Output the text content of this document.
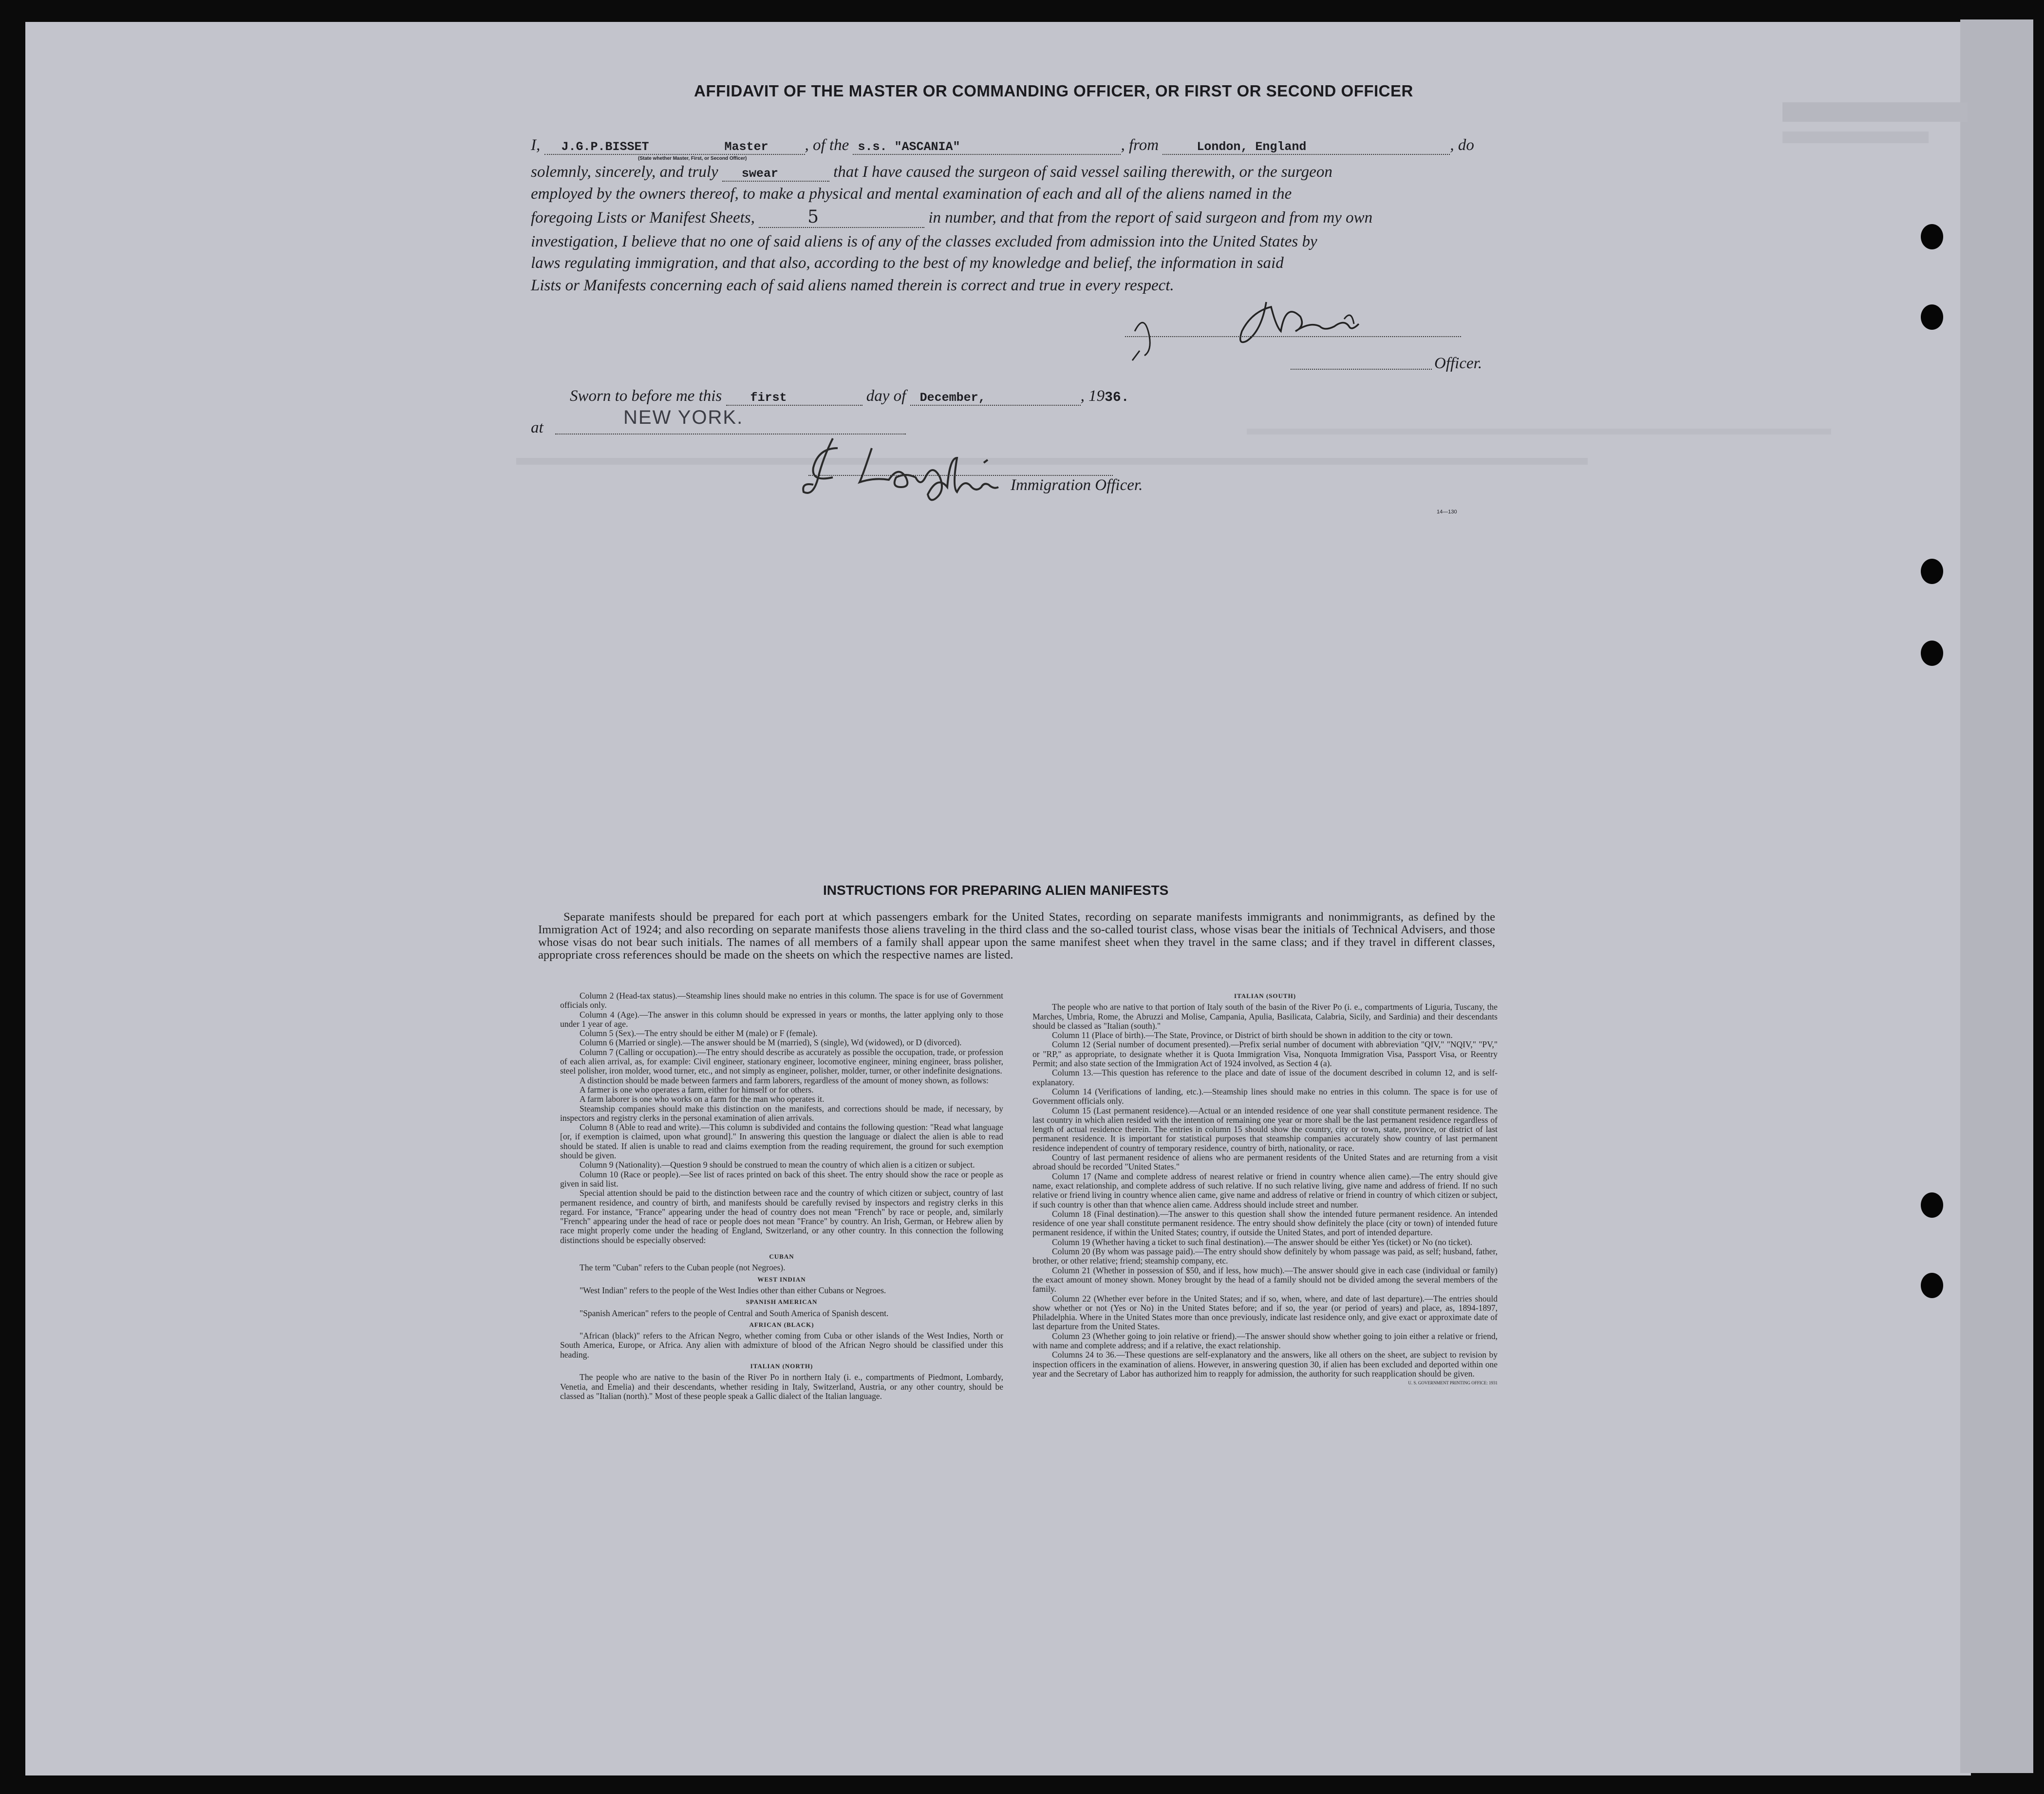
AFFIDAVIT OF THE MASTER OR COMMANDING OFFICER, OR FIRST OR SECOND OFFICER
I, J.G.P.BISSET	Master , of the s.s. "ASCANIA"	, from	London, England	, do
(State whether Master, First, or Second Officer)
solemnly, sincerely, and truly swear	that I have caused the surgeon of said vessel sailing therewith, or the surgeon
employed by the owners thereof, to make a physical and mental examination of each and all of the aliens named in the
foregoing Lists or Manifest Sheets,	5	in number, and that from the report of said surgeon and from my own
investigation, I believe that no one of said aliens is of any of the classes excluded from admission into the United States by
laws regulating immigration, and that also, according to the best of my knowledge and belief, the information in said
Lists or Manifests concerning each of said aliens named therein is correct and true in every respect.
Officer.
Sworn to before me this first	day of December,	, 1936.
at	NEW YORK.
Immigration Officer.
14—130
INSTRUCTIONS FOR PREPARING ALIEN MANIFESTS
Separate manifests should be prepared for each port at which passengers embark for the United States, recording on separate manifests immigrants and nonimmigrants, as defined by the Immigration Act of 1924; and also recording on separate manifests those aliens traveling in the third class and the so-called tourist class, whose visas bear the initials of Technical Advisers, and those whose visas do not bear such initials. The names of all members of a family shall appear upon the same manifest sheet when they travel in the same class; and if they travel in different classes, appropriate cross references should be made on the sheets on which the respective names are listed.

Column 2 (Head-tax status).—Steamship lines should make no entries in this column. The space is for use of Government officials only.

Column 4 (Age).—The answer in this column should be expressed in years or months, the latter applying only to those under 1 year of age.

Column 5 (Sex).—The entry should be either M (male) or F (female).

Column 6 (Married or single).—The answer should be M (married), S (single), Wd (widowed), or D (divorced).

Column 7 (Calling or occupation).—The entry should describe as accurately as possible the occupation, trade, or profession of each alien arrival, as, for example: Civil engineer, stationary engineer, locomotive engineer, mining engineer, brass polisher, steel polisher, iron molder, wood turner, etc., and not simply as engineer, polisher, molder, turner, or other indefinite designations.

A distinction should be made between farmers and farm laborers, regardless of the amount of money shown, as follows:

A farmer is one who operates a farm, either for himself or for others.

A farm laborer is one who works on a farm for the man who operates it.

Steamship companies should make this distinction on the manifests, and corrections should be made, if necessary, by inspectors and registry clerks in the personal examination of alien arrivals.

Column 8 (Able to read and write).—This column is subdivided and contains the following question: "Read what language [or, if exemption is claimed, upon what ground]." In answering this question the language or dialect the alien is able to read should be stated. If alien is unable to read and claims exemption from the reading requirement, the ground for such exemption should be given.

Column 9 (Nationality).—Question 9 should be construed to mean the country of which alien is a citizen or subject.

Column 10 (Race or people).—See list of races printed on back of this sheet. The entry should show the race or people as given in said list.

Special attention should be paid to the distinction between race and the country of which citizen or subject, country of last permanent residence, and country of birth, and manifests should be carefully revised by inspectors and registry clerks in this regard. For instance, "France" appearing under the head of country does not mean "French" by race or people, and, similarly "French" appearing under the head of race or people does not mean "France" by country. An Irish, German, or Hebrew alien by race might properly come under the heading of England, Switzerland, or any other country. In this connection the following distinctions should be especially observed:

CUBAN

The term "Cuban" refers to the Cuban people (not Negroes).

WEST INDIAN

"West Indian" refers to the people of the West Indies other than either Cubans or Negroes.

SPANISH AMERICAN

"Spanish American" refers to the people of Central and South America of Spanish descent.

AFRICAN (BLACK)

"African (black)" refers to the African Negro, whether coming from Cuba or other islands of the West Indies, North or South America, Europe, or Africa. Any alien with admixture of blood of the African Negro should be classified under this heading.

ITALIAN (NORTH)

The people who are native to the basin of the River Po in northern Italy (i. e., compartments of Piedmont, Lombardy, Venetia, and Emelia) and their descendants, whether residing in Italy, Switzerland, Austria, or any other country, should be classed as "Italian (north)." Most of these people speak a Gallic dialect of the Italian language.

ITALIAN (SOUTH)

The people who are native to that portion of Italy south of the basin of the River Po (i. e., compartments of Liguria, Tuscany, the Marches, Umbria, Rome, the Abruzzi and Molise, Campania, Apulia, Basilicata, Calabria, Sicily, and Sardinia) and their descendants should be classed as "Italian (south)."

Column 11 (Place of birth).—The State, Province, or District of birth should be shown in addition to the city or town.

Column 12 (Serial number of document presented).—Prefix serial number of document with abbreviation "QIV," "NQIV," "PV," or "RP," as appropriate, to designate whether it is Quota Immigration Visa, Nonquota Immigration Visa, Passport Visa, or Reentry Permit; and also state section of the Immigration Act of 1924 involved, as Section 4 (a).

Column 13.—This question has reference to the place and date of issue of the document described in column 12, and is self-explanatory.

Column 14 (Verifications of landing, etc.).—Steamship lines should make no entries in this column. The space is for use of Government officials only.

Column 15 (Last permanent residence).—Actual or an intended residence of one year shall constitute permanent residence. The last country in which alien resided with the intention of remaining one year or more shall be the last permanent residence regardless of length of actual residence therein. The entries in column 15 should show the country, city or town, state, province, or district of last permanent residence. It is important for statistical purposes that steamship companies accurately show country of last permanent residence independent of country of temporary residence, country of birth, nationality, or race.

Country of last permanent residence of aliens who are permanent residents of the United States and are returning from a visit abroad should be recorded "United States."

Column 17 (Name and complete address of nearest relative or friend in country whence alien came).—The entry should give name, exact relationship, and complete address of such relative. If no such relative living, give name and address of friend. If no such relative or friend living in country whence alien came, give name and address of relative or friend in country of which citizen or subject, if such country is other than that whence alien came. Address should include street and number.

Column 18 (Final destination).—The answer to this question shall show the intended future permanent residence. An intended residence of one year shall constitute permanent residence. The entry should show definitely the place (city or town) of intended future permanent residence, if within the United States; country, if outside the United States, and port of intended departure.

Column 19 (Whether having a ticket to such final destination).—The answer should be either Yes (ticket) or No (no ticket).

Column 20 (By whom was passage paid).—The entry should show definitely by whom passage was paid, as self; husband, father, brother, or other relative; friend; steamship company, etc.

Column 21 (Whether in possession of $50, and if less, how much).—The answer should give in each case (individual or family) the exact amount of money shown. Money brought by the head of a family should not be divided among the several members of the family.

Column 22 (Whether ever before in the United States; and if so, when, where, and date of last departure).—The entries should show whether or not (Yes or No) in the United States before; and if so, the year (or period of years) and place, as, 1894-1897, Philadelphia. Where in the United States more than once previously, indicate last residence only, and give exact or approximate date of last departure from the United States.

Column 23 (Whether going to join relative or friend).—The answer should show whether going to join either a relative or friend, with name and complete address; and if a relative, the exact relationship.

Columns 24 to 36.—These questions are self-explanatory and the answers, like all others on the sheet, are subject to revision by inspection officers in the examination of aliens. However, in answering question 30, if alien has been excluded and deported within one year and the Secretary of Labor has authorized him to reapply for admission, the authority for such reapplication should be given.

U. S. GOVERNMENT PRINTING OFFICE: 1931
